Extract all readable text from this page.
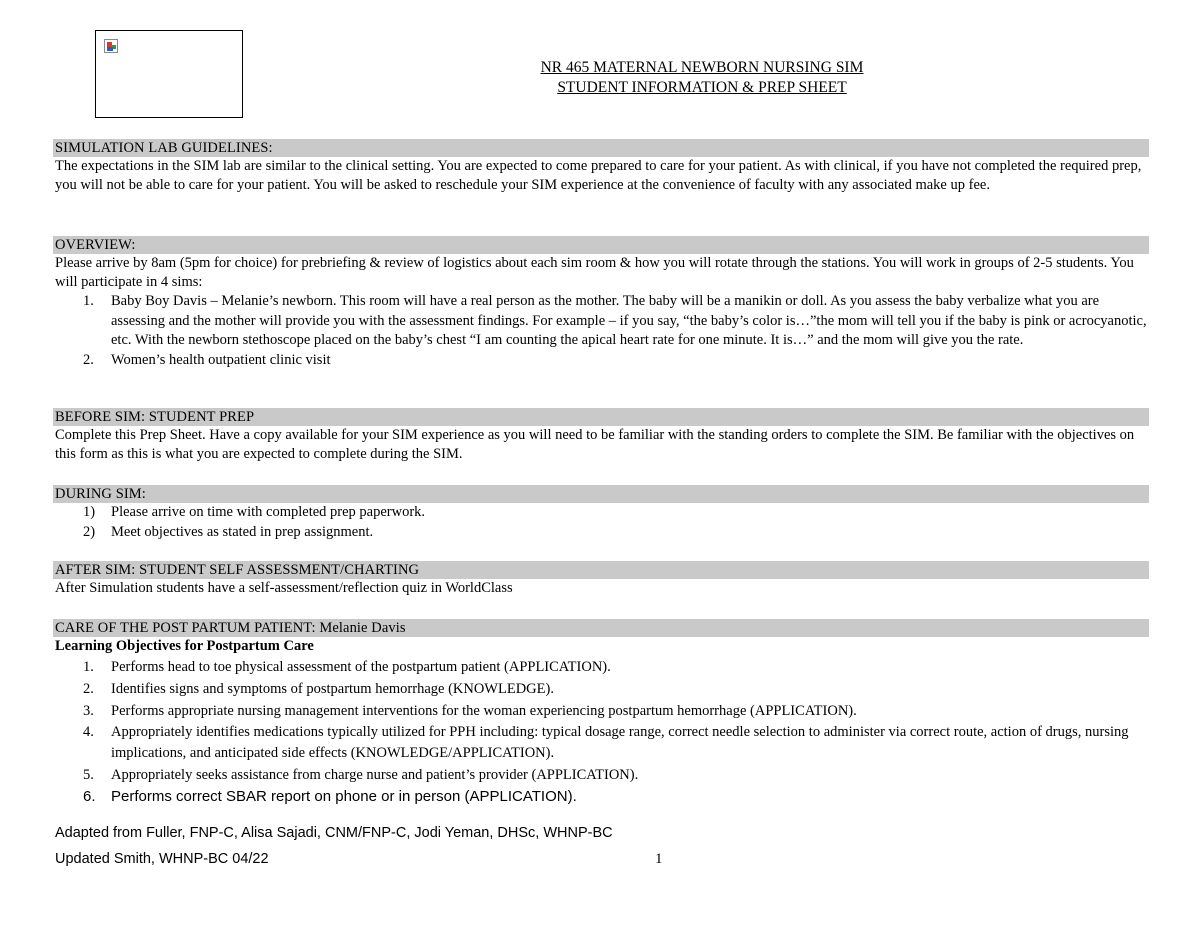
NR 465 MATERNAL NEWBORN NURSING SIM
STUDENT INFORMATION & PREP SHEET
SIMULATION LAB GUIDELINES:

The expectations in the SIM lab are similar to the clinical setting. You are expected to come prepared to care for your patient. As with clinical, if you have not completed the required prep, you will not be able to care for your patient. You will be asked to reschedule your SIM experience at the convenience of faculty with any associated make up fee.

OVERVIEW:

Please arrive by 8am (5pm for choice) for prebriefing & review of logistics about each sim room & how you will rotate through the stations. You will work in groups of 2-5 students. You will participate in 4 sims:

1.	Baby Boy Davis – Melanie’s newborn. This room will have a real person as the mother. The baby will be a manikin or doll. As you assess the baby verbalize what you are assessing and the mother will provide you with the assessment findings. For example – if you say, “the baby’s color is…”the mom will tell you if the baby is pink or acrocyanotic, etc. With the newborn stethoscope placed on the baby’s chest “I am counting the apical heart rate for one minute. It is…” and the mom will give you the rate.
2.	Women’s health outpatient clinic visit
BEFORE SIM: STUDENT PREP

Complete this Prep Sheet. Have a copy available for your SIM experience as you will need to be familiar with the standing orders to complete the SIM. Be familiar with the objectives on this form as this is what you are expected to complete during the SIM.

DURING SIM:
1)	Please arrive on time with completed prep paperwork.
2)	Meet objectives as stated in prep assignment.
AFTER SIM: STUDENT SELF ASSESSMENT/CHARTING

After Simulation students have a self-assessment/reflection quiz in WorldClass

CARE OF THE POST PARTUM PATIENT: Melanie Davis

Learning Objectives for Postpartum Care

1.	Performs head to toe physical assessment of the postpartum patient (APPLICATION).
2.	Identifies signs and symptoms of postpartum hemorrhage (KNOWLEDGE).
3.	Performs appropriate nursing management interventions for the woman experiencing postpartum hemorrhage (APPLICATION).
4.	Appropriately identifies medications typically utilized for PPH including: typical dosage range, correct needle selection to administer via correct route, action of drugs, nursing implications, and anticipated side effects (KNOWLEDGE/APPLICATION).
5.	Appropriately seeks assistance from charge nurse and patient’s provider (APPLICATION).
6.	Performs correct SBAR report on phone or in person (APPLICATION).
Adapted from Fuller, FNP-C, Alisa Sajadi, CNM/FNP-C, Jodi Yeman, DHSc, WHNP-BC
Updated Smith, WHNP-BC 04/22	1
